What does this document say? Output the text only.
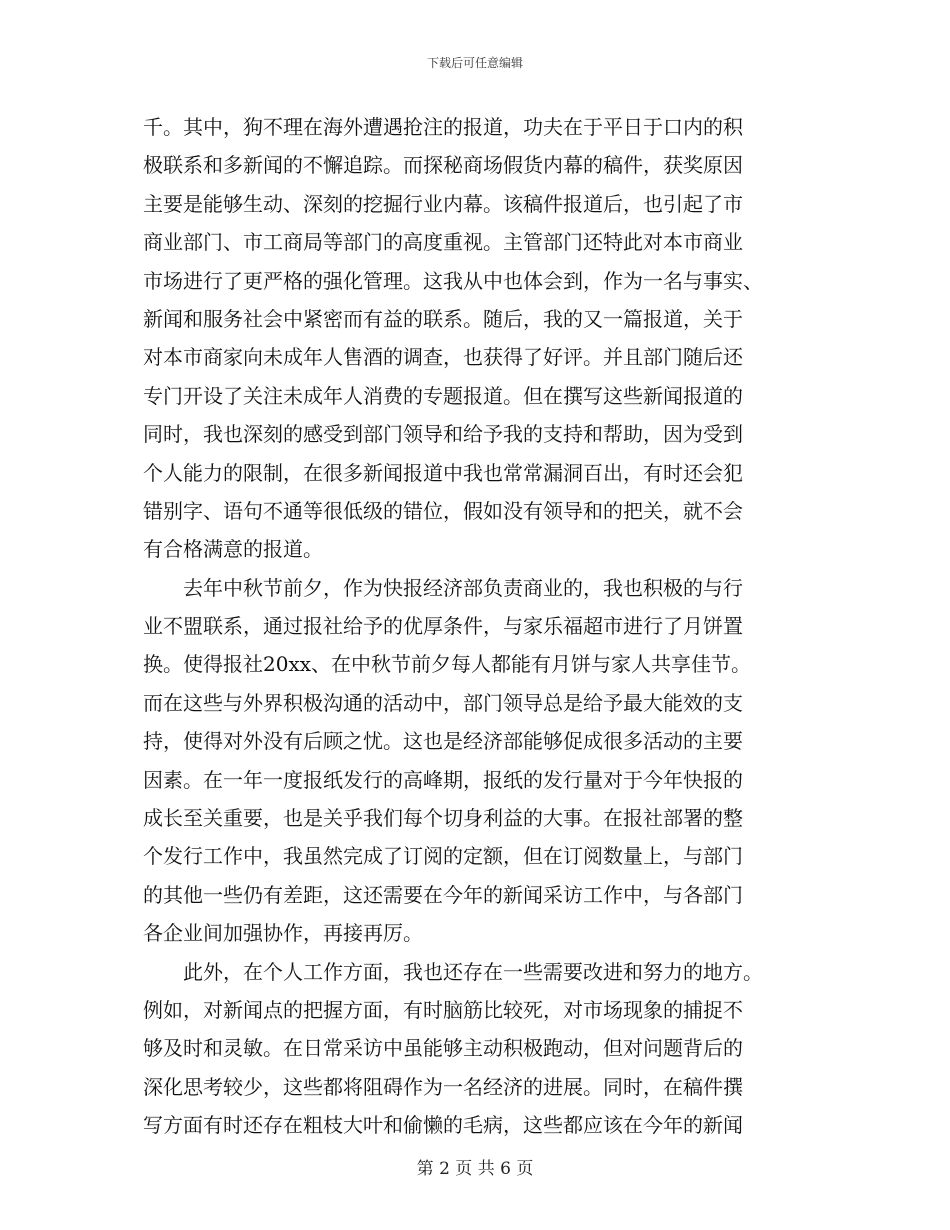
下载后可任意编辑
千。其中，狗不理在海外遭遇抢注的报道，功夫在于平日于口内的积
极联系和多新闻的不懈追踪。而探秘商场假货内幕的稿件，获奖原因
主要是能够生动、深刻的挖掘行业内幕。该稿件报道后，也引起了市
商业部门、市工商局等部门的高度重视。主管部门还特此对本市商业
市场进行了更严格的强化管理。这我从中也体会到，作为一名与事实、
新闻和服务社会中紧密而有益的联系。随后，我的又一篇报道，关于
对本市商家向未成年人售酒的调查，也获得了好评。并且部门随后还
专门开设了关注未成年人消费的专题报道。但在撰写这些新闻报道的
同时，我也深刻的感受到部门领导和给予我的支持和帮助，因为受到
个人能力的限制，在很多新闻报道中我也常常漏洞百出，有时还会犯
错别字、语句不通等很低级的错位，假如没有领导和的把关，就不会
有合格满意的报道。
　　去年中秋节前夕，作为快报经济部负责商业的，我也积极的与行
业不盟联系，通过报社给予的优厚条件，与家乐福超市进行了月饼置
换。使得报社20xx、在中秋节前夕每人都能有月饼与家人共享佳节。
而在这些与外界积极沟通的活动中，部门领导总是给予最大能效的支
持，使得对外没有后顾之忧。这也是经济部能够促成很多活动的主要
因素。在一年一度报纸发行的高峰期，报纸的发行量对于今年快报的
成长至关重要，也是关乎我们每个切身利益的大事。在报社部署的整
个发行工作中，我虽然完成了订阅的定额，但在订阅数量上，与部门
的其他一些仍有差距，这还需要在今年的新闻采访工作中，与各部门
各企业间加强协作，再接再厉。
　　此外，在个人工作方面，我也还存在一些需要改进和努力的地方。
例如，对新闻点的把握方面，有时脑筋比较死，对市场现象的捕捉不
够及时和灵敏。在日常采访中虽能够主动积极跑动，但对问题背后的
深化思考较少，这些都将阻碍作为一名经济的进展。同时，在稿件撰
写方面有时还存在粗枝大叶和偷懒的毛病，这些都应该在今年的新闻
第 2 页 共 6 页
